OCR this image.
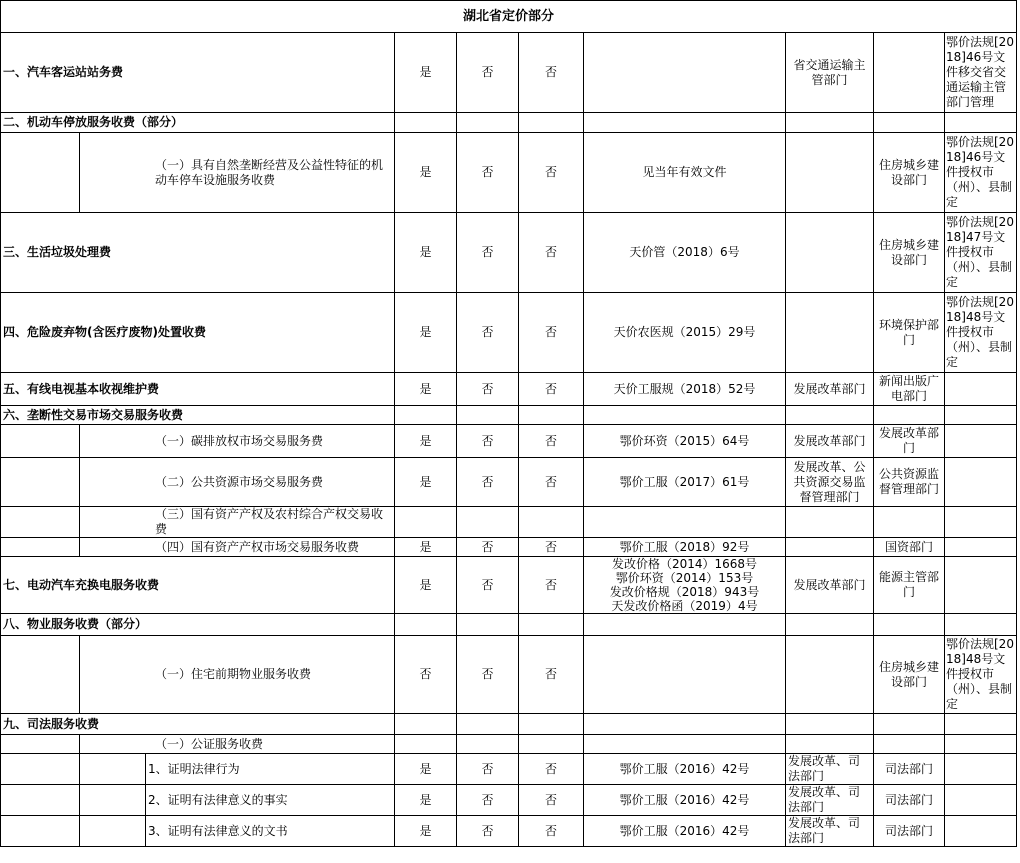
湖北省定价部分									
一、汽车客运站站务费			是	否	否		省交通运输主管部门		鄂价法规[2018]46号文件移交省交通运输主管部门管理
二、机动车停放服务收费（部分）									
	（一）具有自然垄断经营及公益性特征的机动车停车设施服务收费		是	否	否	见当年有效文件		住房城乡建设部门	鄂价法规[2018]46号文件授权市（州）、县制定
三、生活垃圾处理费			是	否	否	天价管（2018）6号		住房城乡建设部门	鄂价法规[2018]47号文件授权市（州）、县制定
四、危险废弃物(含医疗废物)处置收费			是	否	否	天价农医规（2015）29号		环境保护部门	鄂价法规[2018]48号文件授权市（州）、县制定
五、有线电视基本收视维护费			是	否	否	天价工服规（2018）52号	发展改革部门	新闻出版广电部门	
六、垄断性交易市场交易服务收费									
	（一）碳排放权市场交易服务费		是	否	否	鄂价环资（2015）64号	发展改革部门	发展改革部门	
	（二）公共资源市场交易服务费		是	否	否	鄂价工服（2017）61号	发展改革、公共资源交易监督管理部门	公共资源监督管理部门	
	（三）国有资产产权及农村综合产权交易收费								
	（四）国有资产产权市场交易服务收费		是	否	否	鄂价工服（2018）92号		国资部门	
七、电动汽车充换电服务收费			是	否	否	发改价格（2014）1668号
鄂价环资（2014）153号
发改价格规（2018）943号
天发改价格函（2019）4号	发展改革部门	能源主管部门	
八、物业服务收费（部分）									
	（一）住宅前期物业服务收费		否	否	否			住房城乡建设部门	鄂价法规[2018]48号文件授权市（州）、县制定
九、司法服务收费									
	（一）公证服务收费								
		1、证明法律行为	是	否	否	鄂价工服（2016）42号	发展改革、司法部门	司法部门	
		2、证明有法律意义的事实	是	否	否	鄂价工服（2016）42号	发展改革、司法部门	司法部门	
		3、证明有法律意义的文书	是	否	否	鄂价工服（2016）42号	发展改革、司法部门	司法部门	
